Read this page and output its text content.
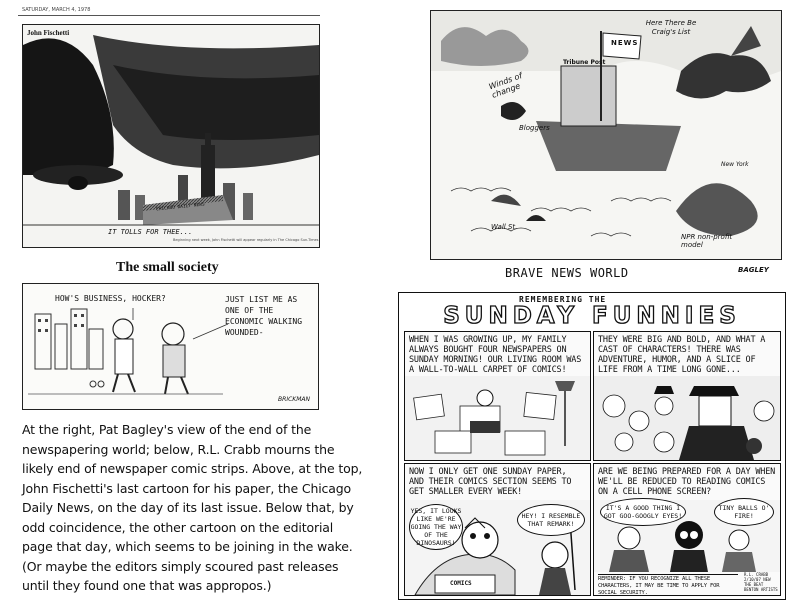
SATURDAY, MARCH 4, 1978
John Fischetti
CHICAGO DAILY NEWS
IT TOLLS FOR THEE...
Beginning next week, John Fischetti will appear regularly in The Chicago Sun-Times
The small society
HOW'S BUSINESS, HOCKER?	JUST LIST ME AS ONE OF THE ECONOMIC WALKING WOUNDED-
BRICKMAN
At the right, Pat Bagley's view of the end of the newspapering world; below, R.L. Crabb mourns the likely end of newspaper comic strips. Above, at the top, John Fischetti's last cartoon for his paper, the Chicago Daily News, on the day of its last issue. Below that, by odd coincidence, the other cartoon on the editorial page that day, which seems to be joining in the wake. (Or maybe the editors simply scoured past releases until they found one that was appropos.)
Here There Be Craig's List
Winds of change
Bloggers
Tribune Post
NEWS
Wall St.
NPR non-profit model
New York
BRAVE NEWS WORLD	BAGLEY
REMEMBERING THE
SUNDAY FUNNIES
WHEN I WAS GROWING UP, MY FAMILY ALWAYS BOUGHT FOUR NEWSPAPERS ON SUNDAY MORNING! OUR LIVING ROOM WAS A WALL-TO-WALL CARPET OF COMICS!
THEY WERE BIG AND BOLD, AND WHAT A CAST OF CHARACTERS! THERE WAS ADVENTURE, HUMOR, AND A SLICE OF LIFE FROM A TIME LONG GONE...
NOW I ONLY GET ONE SUNDAY PAPER, AND THEIR COMICS SECTION SEEMS TO GET SMALLER EVERY WEEK!
YES, IT LOOKS LIKE WE'RE GOING THE WAY OF THE DINOSAURS!
HEY! I RESEMBLE THAT REMARK!
COMICS
ARE WE BEING PREPARED FOR A DAY WHEN WE'LL BE REDUCED TO READING COMICS ON A CELL PHONE SCREEN?
IT'S A GOOD THING I GOT GOO-GOOGLY EYES!
TINY BALLS O' FIRE!
REMINDER: IF YOU RECOGNIZE ALL THESE CHARACTERS, IT MAY BE TIME TO APPLY FOR SOCIAL SECURITY.
R.L. CRABB 2/10/07 NEW THE BEAT BENTON ARTISTS
